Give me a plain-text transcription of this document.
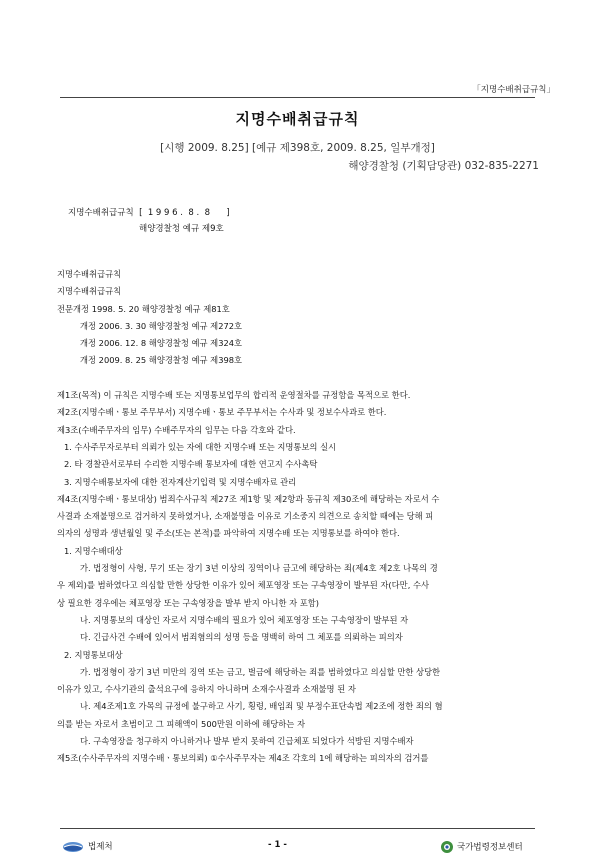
「지명수배취급규칙」
지명수배취급규칙
[시행 2009. 8.25] [예규 제398호, 2009. 8.25, 일부개정]
해양경찰청 (기획담당관) 032-835-2271
지명수배취급규칙  [  1 9 9 6 .  8 .  8      ]
해양경찰청 예규 제9호
지명수배취급규칙
지명수배취급규칙
전문개정 1998. 5. 20 해양경찰청 예규 제81호
개정 2006. 3. 30 해양경찰청 예규 제272호
개정 2006. 12. 8 해양경찰청 예규 제324호
개정 2009. 8. 25 해양경찰청 예규 제398호
제1조(목적) 이 규칙은 지명수배 또는 지명통보업무의 합리적 운영절차를 규정함을 목적으로 한다.
제2조(지명수배ㆍ통보 주무부서) 지명수배ㆍ통보 주무부서는 수사과 및 정보수사과로 한다.
제3조(수배주무자의 임무) 수배주무자의 임무는 다음 각호와 같다.
1. 수사주무자로부터 의뢰가 있는 자에 대한 지명수배 또는 지명통보의 실시
2. 타 경찰관서로부터 수리한 지명수배 통보자에 대한 연고지 수사촉탁
3. 지명수배통보자에 대한 전자계산기입력 및 지명수배자료 관리
제4조(지명수배ㆍ통보대상) 범죄수사규칙 제27조 제1항 및 제2항과 동규칙 제30조에 해당하는 자로서 수
사결과 소재불명으로 검거하지 못하였거나, 소재불명을 이유로 기소중지 의견으로 송치할 때에는 당해 피
의자의 성명과 생년월일 및 주소(또는 본적)를 파악하여 지명수배 또는 지명통보를 하여야 한다.
1. 지명수배대상
가. 법정형이 사형, 무기 또는 장기 3년 이상의 징역이나 금고에 해당하는 죄(제4호 제2호 나목의 경
우 제외)를 범하였다고 의심할 만한 상당한 이유가 있어 체포영장 또는 구속영장이 발부된 자(다만, 수사
상 필요한 경우에는 체포영장 또는 구속영장을 발부 받지 아니한 자 포함)
나. 지명통보의 대상인 자로서 지명수배의 필요가 있어 체포영장 또는 구속영장이 발부된 자
다. 긴급사건 수배에 있어서 범죄혐의의 성명 등을 명백히 하여 그 체포를 의뢰하는 피의자
2. 지명통보대상
가. 법정형이 장기 3년 미만의 징역 또는 금고, 벌금에 해당하는 죄를 범하였다고 의심할 만한 상당한
이유가 있고, 수사기관의 출석요구에 응하지 아니하며 소재수사결과 소재불명 된 자
나. 제4조제1호 가목의 규정에 불구하고 사기, 횡령, 배임죄 및 부정수표단속법 제2조에 정한 죄의 혐
의를 받는 자로서 초범이고 그 피해액이 500만원 이하에 해당하는 자
다. 구속영장을 청구하지 아니하거나 발부 받지 못하여 긴급체포 되었다가 석방된 지명수배자
제5조(수사주무자의 지명수배ㆍ통보의뢰) ①수사주무자는 제4조 각호의 1에 해당하는 피의자의 검거를
법제처	- 1 -	국가법령정보센터
